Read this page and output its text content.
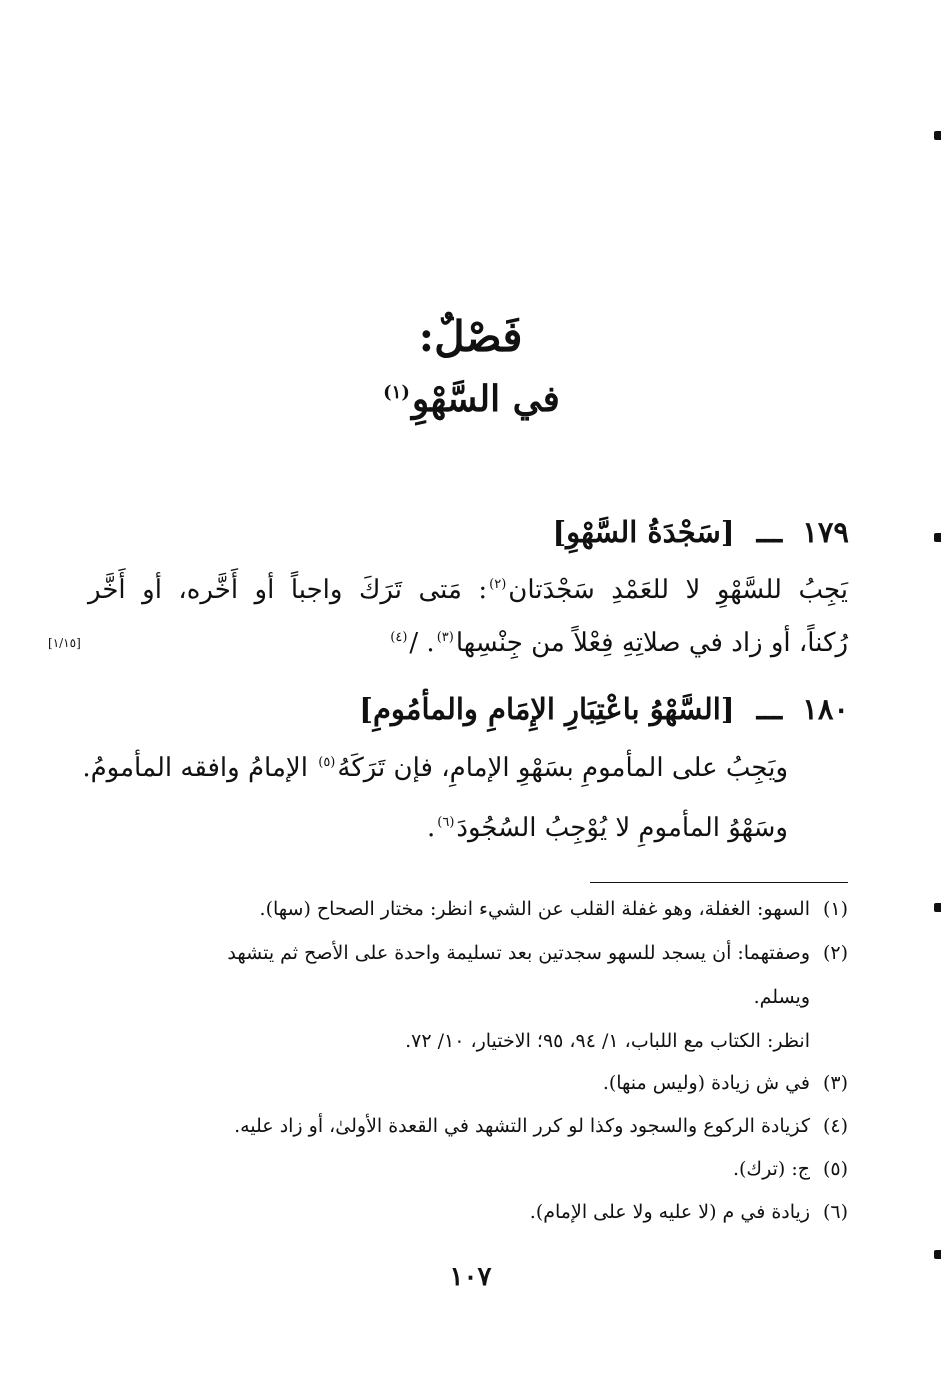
فَصْلٌ:
في السَّهْوِ$^{(١)}$
١٧٩ ـــ [سَجْدَةُ السَّهْوِ]
يَجِبُ للسَّهْوِ لا للعَمْدِ سَجْدَتان$^{(٢)}$: مَتى تَرَكَ واجباً أو أَخَّره، أو أَخَّر
رُكناً، أو زاد في صلاتِهِ فِعْلاً من جِنْسِها$^{(٣)}$. /$^{(٤)}$
[١/١٥]
١٨٠ ـــ [السَّهْوُ باعْتِبَارِ الإِمَامِ والمأمُومِ]
ويَجِبُ على المأمومِ بسَهْوِ الإمامِ، فإن تَرَكَهُ$^{(٥)}$ الإمامُ وافقه المأمومُ.
وسَهْوُ المأمومِ لا يُوْجِبُ السُجُودَ$^{(٦)}$.
(١)السهو: الغفلة، وهو غفلة القلب عن الشيء انظر: مختار الصحاح (سها).
(٢)وصفتهما: أن يسجد للسهو سجدتين بعد تسليمة واحدة على الأصح ثم يتشهد
ويسلم.
انظر: الكتاب مع اللباب، ١/ ٩٤، ٩٥؛ الاختيار، ١٠/ ٧٢.
(٣)في ش زيادة (وليس منها).
(٤)كزيادة الركوع والسجود وكذا لو كرر التشهد في القعدة الأولىٰ، أو زاد عليه.
(٥)ج: (ترك).
(٦)زيادة في م (لا عليه ولا على الإمام).
١٠٧
